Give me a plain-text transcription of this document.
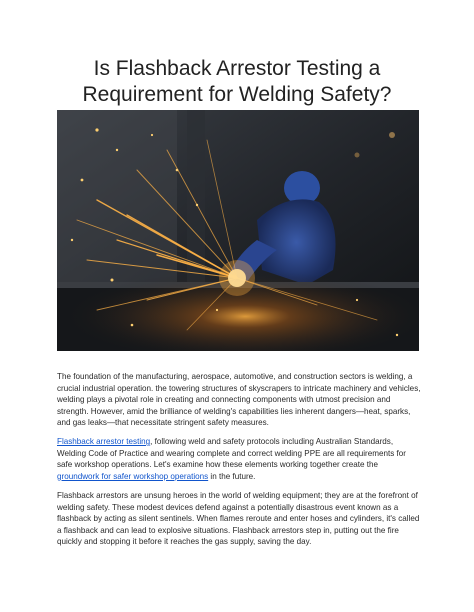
Is Flashback Arrestor Testing a
Requirement for Welding Safety?

The foundation of the manufacturing, aerospace, automotive, and construction sectors is welding, a crucial industrial operation. the towering structures of skyscrapers to intricate machinery and vehicles, welding plays a pivotal role in creating and connecting components with utmost precision and strength. However, amid the brilliance of welding's capabilities lies inherent dangers—heat, sparks, and gas leaks—that necessitate stringent safety measures.

Flashback arrestor testing, following weld and safety protocols including Australian Standards, Welding Code of Practice and wearing complete and correct welding PPE are all requirements for safe workshop operations. Let's examine how these elements working together create the groundwork for safer workshop operations in the future.

Flashback arrestors are unsung heroes in the world of welding equipment; they are at the forefront of welding safety. These modest devices defend against a potentially disastrous event known as a flashback by acting as silent sentinels. When flames reroute and enter hoses and cylinders, it's called a flashback and can lead to explosive situations. Flashback arrestors step in, putting out the fire quickly and stopping it before it reaches the gas supply, saving the day.
